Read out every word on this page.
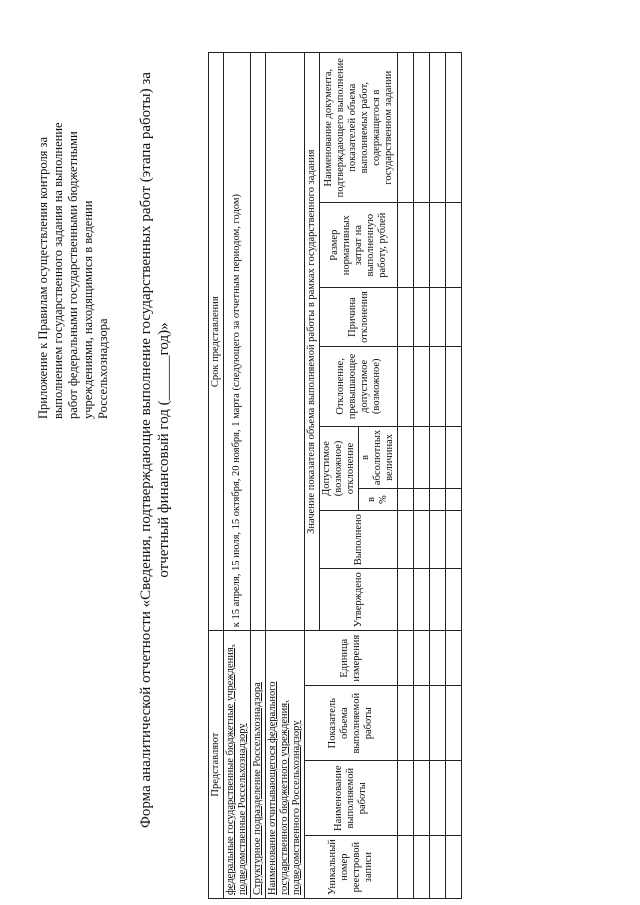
Приложение к Правилам осуществления контроля за выполнением государственного задания на выполнение работ федеральными государственными бюджетными учреждениями, находящимися в ведении Россельхознадзора Форма аналитической отчетности «Сведения, подтверждающие выполнение государственных работ (этапа работы) за отчетный финансовый год (______год)»

Представляют				Срок представления							
федеральные государственные бюджетные учреждения, подведомственные Россельхознадзору				к 15 апреля, 15 июля, 15 октября, 20 ноября, 1 марта (следующего за отчетным периодом, годом)							
Структурное подразделение Россельхознадзора											
Наименование отчитывающегося федерального государственного бюджетного учреждения, подведомственного Россельхознадзору											
Уникальный номер реестровой записи	Наименование выполняемой работы	Показатель объема выполняемой работы	Единица измерения	Значение показателя объема выполняемой работы в рамках государственного задания							
				Утверждено	Выполнено	Допустимое (возможное) отклонение		Отклонение, превышающее допустимое (возможное)	Причина отклонения	Размер нормативных затрат на выполненную работу, рублей	Наименование документа, подтверждающего выполнение показателей объема выполняемых работ, содержащегося в государственном задании
						в %	в абсолютных величинах				
